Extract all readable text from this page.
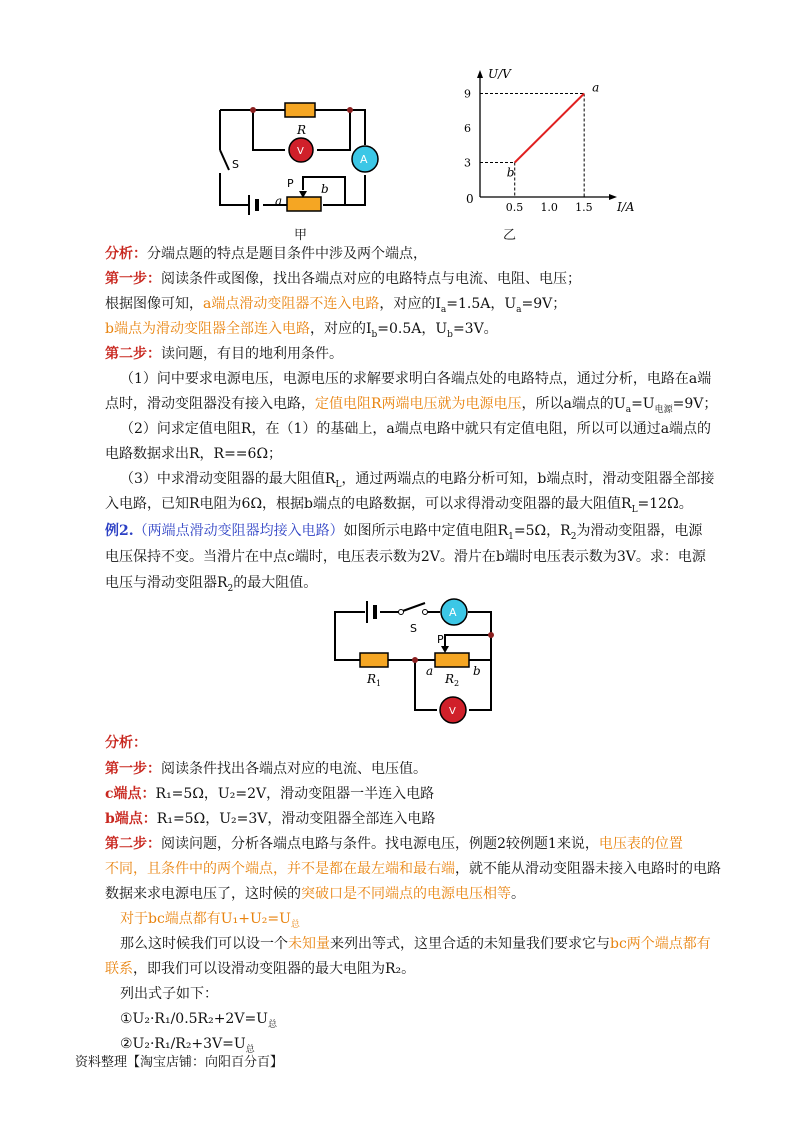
R
S
P
a
b
V
A
甲
0
U/V
I/A
0.5 1.0 1.5
3
6
9
b
a
乙
分析：分端点题的特点是题目条件中涉及两个端点，
第一步：阅读条件或图像，找出各端点对应的电路特点与电流、电阻、电压；
根据图像可知，a端点滑动变阻器不连入电路，对应的$I_a=1.5A$，$U_a=9V$；
b端点为滑动变阻器全部连入电路，对应的$I_b=0.5A$，$U_b=3V$。
第二步：读问题，有目的地利用条件。
（1）问中要求电源电压，电源电压的求解要求明白各端点处的电路特点，通过分析，电路在a端
点时，滑动变阻器没有接入电路，定值电阻R两端电压就为电源电压，所以a端点的$U_a=U_{电源}=9V$；
（2）问求定值电阻R，在（1）的基础上，a端点电路中就只有定值电阻，所以可以通过a端点的
电路数据求出R，R==6Ω；
（3）中求滑动变阻器的最大阻值$R_L$，通过两端点的电路分析可知，b端点时，滑动变阻器全部接
入电路，已知R电阻为6Ω，根据b端点的电路数据，可以求得滑动变阻器的最大阻值$R_L=12\Omega$。
例2.（两端点滑动变阻器均接入电路）如图所示电路中定值电阻$R_1=5\Omega$，$R_2$为滑动变阻器，电源
电压保持不变。当滑片在中点c端时，电压表示数为2V。滑片在b端时电压表示数为3V。求：电源
电压与滑动变阻器$R_2$的最大阻值。
S
A
P
a	b
$R_1$	$R_2$
V
分析：
第一步：阅读条件找出各端点对应的电流、电压值。
c端点：R₁=5Ω，U₂=2V，滑动变阻器一半连入电路
b端点：R₁=5Ω，U₂=3V，滑动变阻器全部连入电路
第二步：阅读问题，分析各端点电路与条件。找电源电压，例题2较例题1来说，电压表的位置
不同，且条件中的两个端点，并不是都在最左端和最右端，就不能从滑动变阻器未接入电路时的电路
数据来求电源电压了，这时候的突破口是不同端点的电源电压相等。
对于bc端点都有$U_1+U_2=U_总$
那么这时候我们可以设一个未知量来列出等式，这里合适的未知量我们要求它与bc两个端点都有
联系，即我们可以设滑动变阻器的最大电阻为R₂。
列出式子如下：
$①U_2\cdot R_1/0.5R_2+2V=U_总$
$②U_2\cdot R_1/R_2+3V=U_总$
资料整理【淘宝店铺：向阳百分百】
